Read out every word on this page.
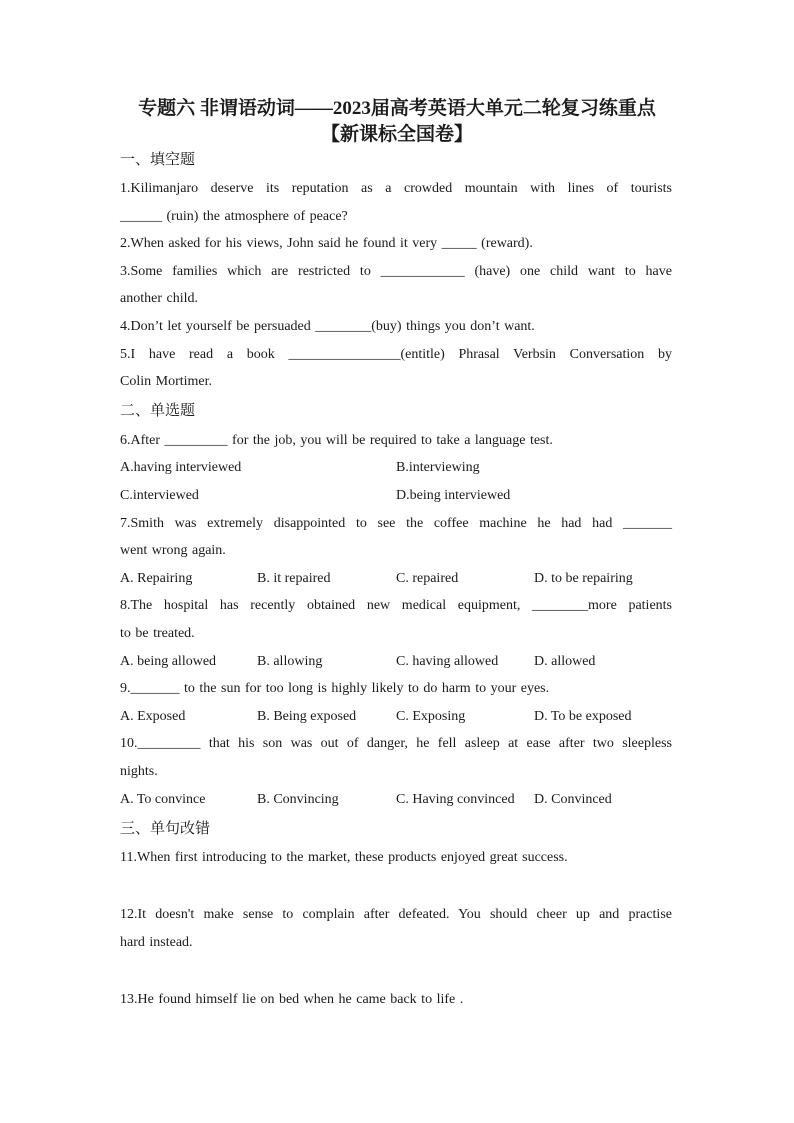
专题六 非谓语动词——2023届高考英语大单元二轮复习练重点

【新课标全国卷】

一、填空题

1.Kilimanjaro deserve its reputation as a crowded mountain with lines of tourists

______ (ruin) the atmosphere of peace?

2.When asked for his views, John said he found it very _____ (reward).

3.Some families which are restricted to ____________ (have) one child want to have

another child.

4.Don’t let yourself be persuaded ________(buy) things you don’t want.

5.I have read a book ________________(entitle) Phrasal Verbsin Conversation by

Colin Mortimer.

二、单选题

6.After _________ for the job, you will be required to take a language test.

A.having interviewed	B.interviewing
C.interviewed	D.being interviewed

7.Smith was extremely disappointed to see the coffee machine he had had _______

went wrong again.

A. Repairing	B. it repaired	C. repaired	D. to be repairing

8.The hospital has recently obtained new medical equipment, ________more patients

to be treated.

A. being allowed	B. allowing	C. having allowed	D. allowed

9._______ to the sun for too long is highly likely to do harm to your eyes.

A. Exposed	B. Being exposed	C. Exposing	D. To be exposed

10._________ that his son was out of danger, he fell asleep at ease after two sleepless

nights.

A. To convince	B. Convincing	C. Having convinced D. Convinced

三、单句改错

11.When first introducing to the market, these products enjoyed great success.

12.It doesn't make sense to complain after defeated. You should cheer up and practise

hard instead.

13.He found himself lie on bed when he came back to life .
